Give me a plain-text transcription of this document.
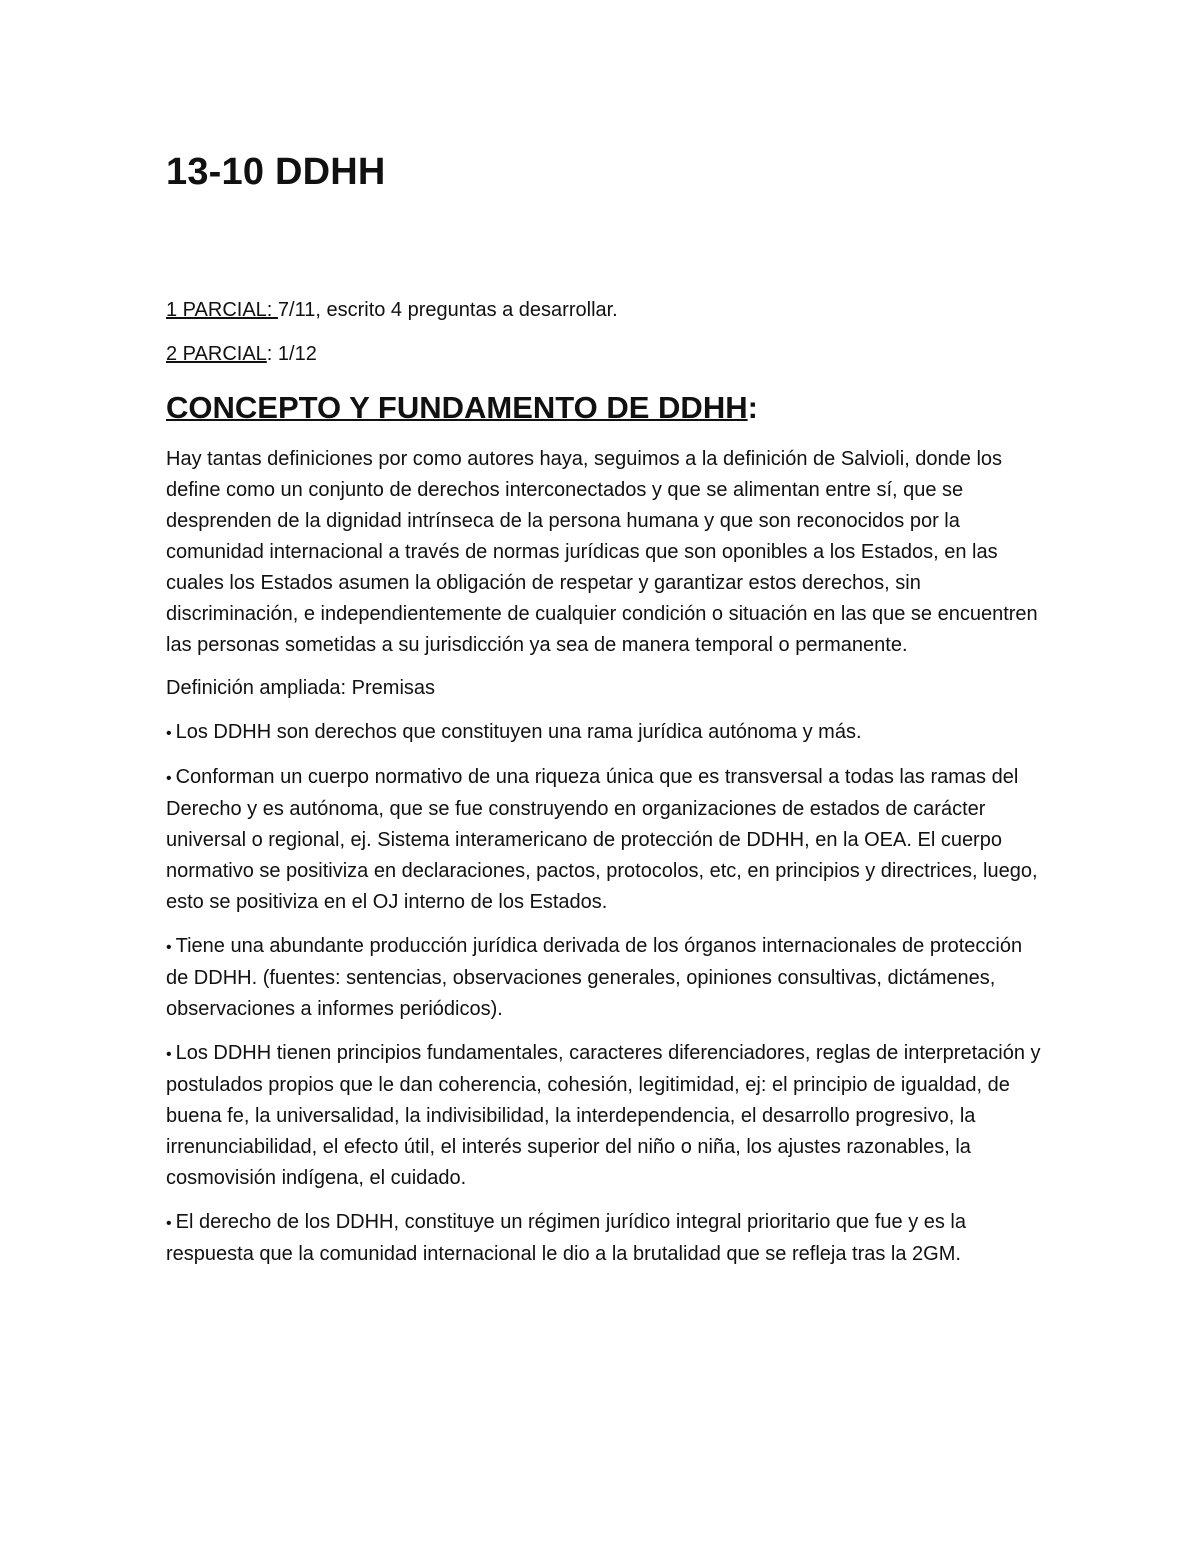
13-10 DDHH

1 PARCIAL: 7/11, escrito 4 preguntas a desarrollar.

2 PARCIAL: 1/12

CONCEPTO Y FUNDAMENTO DE DDHH:

Hay tantas definiciones por como autores haya, seguimos a la definición de Salvioli, donde los define como un conjunto de derechos interconectados y que se alimentan entre sí, que se desprenden de la dignidad intrínseca de la persona humana y que son reconocidos por la comunidad internacional a través de normas jurídicas que son oponibles a los Estados, en las cuales los Estados asumen la obligación de respetar y garantizar estos derechos, sin discriminación, e independientemente de cualquier condición o situación en las que se encuentren las personas sometidas a su jurisdicción ya sea de manera temporal o permanente.

Definición ampliada: Premisas

• Los DDHH son derechos que constituyen una rama jurídica autónoma y más.

• Conforman un cuerpo normativo de una riqueza única que es transversal a todas las ramas del Derecho y es autónoma, que se fue construyendo en organizaciones de estados de carácter universal o regional, ej. Sistema interamericano de protección de DDHH, en la OEA. El cuerpo normativo se positiviza en declaraciones, pactos, protocolos, etc, en principios y directrices, luego, esto se positiviza en el OJ interno de los Estados.

• Tiene una abundante producción jurídica derivada de los órganos internacionales de protección de DDHH. (fuentes: sentencias, observaciones generales, opiniones consultivas, dictámenes, observaciones a informes periódicos).

• Los DDHH tienen principios fundamentales, caracteres diferenciadores, reglas de interpretación y postulados propios que le dan coherencia, cohesión, legitimidad, ej: el principio de igualdad, de buena fe, la universalidad, la indivisibilidad, la interdependencia, el desarrollo progresivo, la irrenunciabilidad, el efecto útil, el interés superior del niño o niña, los ajustes razonables, la cosmovisión indígena, el cuidado.

• El derecho de los DDHH, constituye un régimen jurídico integral prioritario que fue y es la respuesta que la comunidad internacional le dio a la brutalidad que se refleja tras la 2GM.
